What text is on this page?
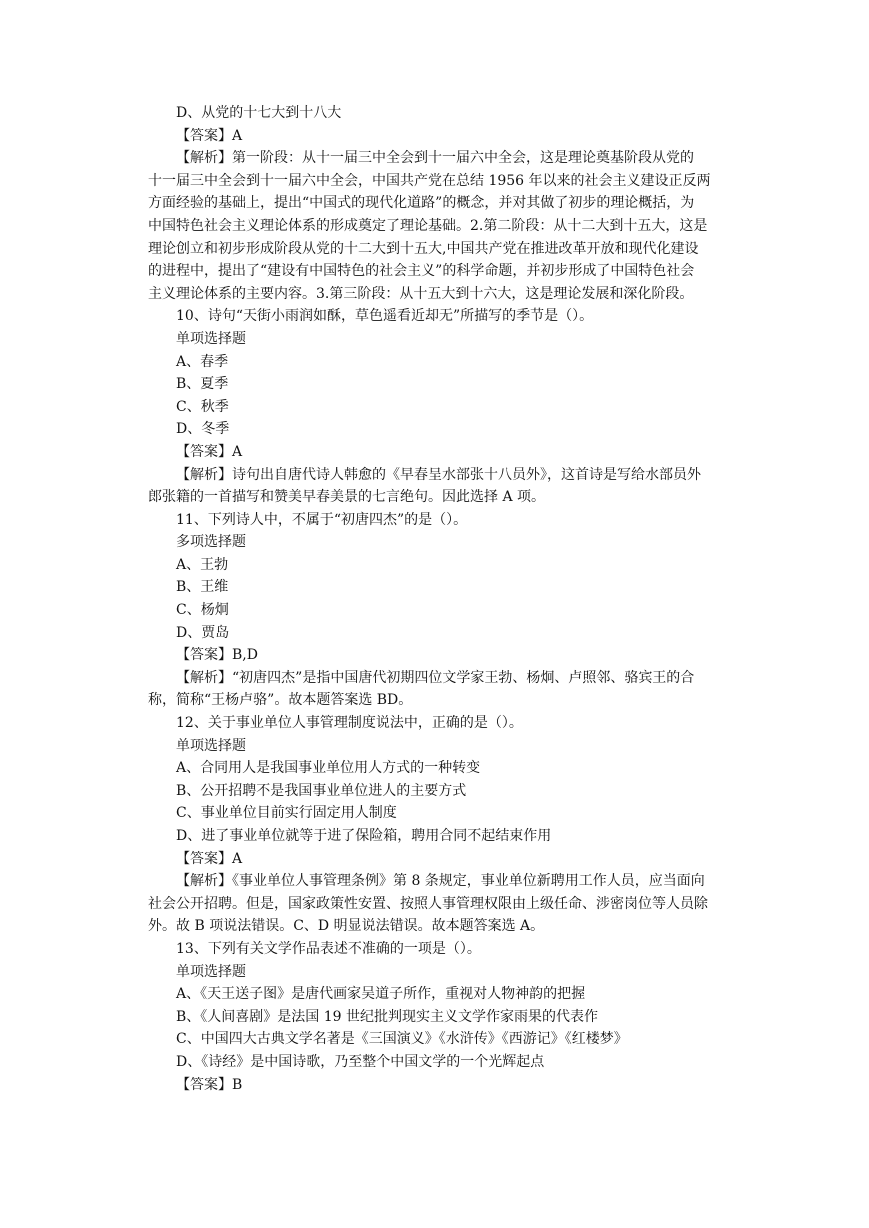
D、从党的十七大到十八大
【答案】A
【解析】第一阶段：从十一届三中全会到十一届六中全会，这是理论奠基阶段从党的
十一届三中全会到十一届六中全会，中国共产党在总结 1956 年以来的社会主义建设正反两
方面经验的基础上，提出“中国式的现代化道路”的概念，并对其做了初步的理论概括，为
中国特色社会主义理论体系的形成奠定了理论基础。2.第二阶段：从十二大到十五大，这是
理论创立和初步形成阶段从党的十二大到十五大,中国共产党在推进改革开放和现代化建设
的进程中，提出了“建设有中国特色的社会主义”的科学命题，并初步形成了中国特色社会
主义理论体系的主要内容。3.第三阶段：从十五大到十六大，这是理论发展和深化阶段。
10、诗句“天街小雨润如酥，草色遥看近却无”所描写的季节是（）。
单项选择题
A、春季
B、夏季
C、秋季
D、冬季
【答案】A
【解析】诗句出自唐代诗人韩愈的《早春呈水部张十八员外》，这首诗是写给水部员外
郎张籍的一首描写和赞美早春美景的七言绝句。因此选择 A 项。
11、下列诗人中，不属于“初唐四杰”的是（）。
多项选择题
A、王勃
B、王维
C、杨炯
D、贾岛
【答案】B,D
【解析】“初唐四杰”是指中国唐代初期四位文学家王勃、杨炯、卢照邻、骆宾王的合
称，简称“王杨卢骆”。故本题答案选 BD。
12、关于事业单位人事管理制度说法中，正确的是（）。
单项选择题
A、合同用人是我国事业单位用人方式的一种转变
B、公开招聘不是我国事业单位进人的主要方式
C、事业单位目前实行固定用人制度
D、进了事业单位就等于进了保险箱，聘用合同不起结束作用
【答案】A
【解析】《事业单位人事管理条例》第 8 条规定，事业单位新聘用工作人员，应当面向
社会公开招聘。但是，国家政策性安置、按照人事管理权限由上级任命、涉密岗位等人员除
外。故 B 项说法错误。C、D 明显说法错误。故本题答案选 A。
13、下列有关文学作品表述不准确的一项是（）。
单项选择题
A、《天王送子图》是唐代画家吴道子所作，重视对人物神韵的把握
B、《人间喜剧》是法国 19 世纪批判现实主义文学作家雨果的代表作
C、中国四大古典文学名著是《三国演义》《水浒传》《西游记》《红楼梦》
D、《诗经》是中国诗歌，乃至整个中国文学的一个光辉起点
【答案】B
